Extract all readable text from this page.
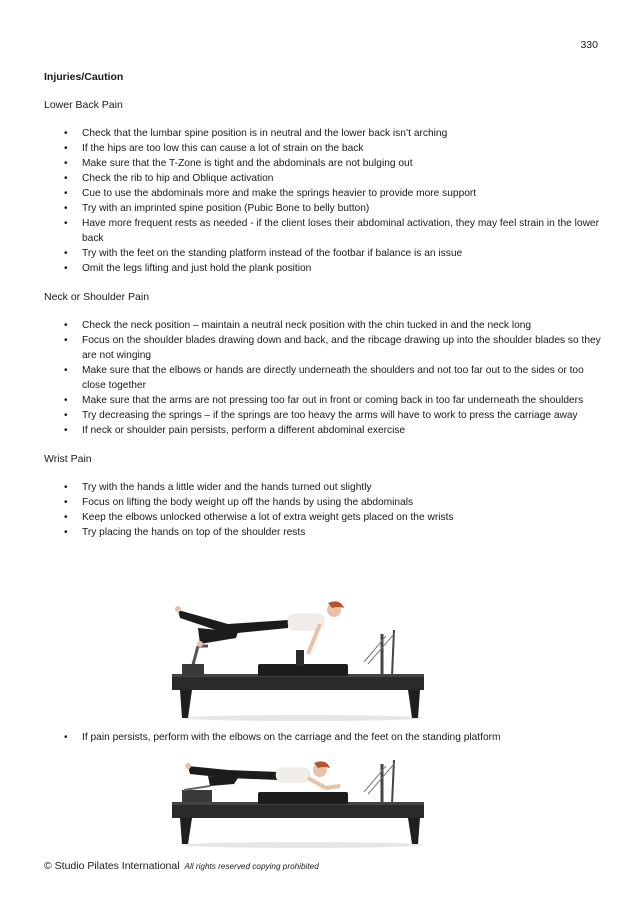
330
Injuries/Caution
Lower Back Pain
• Check that the lumbar spine position is in neutral and the lower back isn’t arching
• If the hips are too low this can cause a lot of strain on the back
• Make sure that the T-Zone is tight and the abdominals are not bulging out
• Check the rib to hip and Oblique activation
• Cue to use the abdominals more and make the springs heavier to provide more support
• Try with an imprinted spine position (Pubic Bone to belly button)
• Have more frequent rests as needed - if the client loses their abdominal activation, they may feel strain in the lower back
• Try with the feet on the standing platform instead of the footbar if balance is an issue
• Omit the legs lifting and just hold the plank position
Neck or Shoulder Pain
• Check the neck position – maintain a neutral neck position with the chin tucked in and the neck long
• Focus on the shoulder blades drawing down and back, and the ribcage drawing up into the shoulder blades so they are not winging
• Make sure that the elbows or hands are directly underneath the shoulders and not too far out to the sides or too close together
• Make sure that the arms are not pressing too far out in front or coming back in too far underneath the shoulders
• Try decreasing the springs – if the springs are too heavy the arms will have to work to press the carriage away
• If neck or shoulder pain persists, perform a different abdominal exercise
Wrist Pain
• Try with the hands a little wider and the hands turned out slightly
• Focus on lifting the body weight up off the hands by using the abdominals
• Keep the elbows unlocked otherwise a lot of extra weight gets placed on the wrists
• Try placing the hands on top of the shoulder rests
• If pain persists, perform with the elbows on the carriage and the feet on the standing platform
© Studio Pilates International All rights reserved copying prohibited
